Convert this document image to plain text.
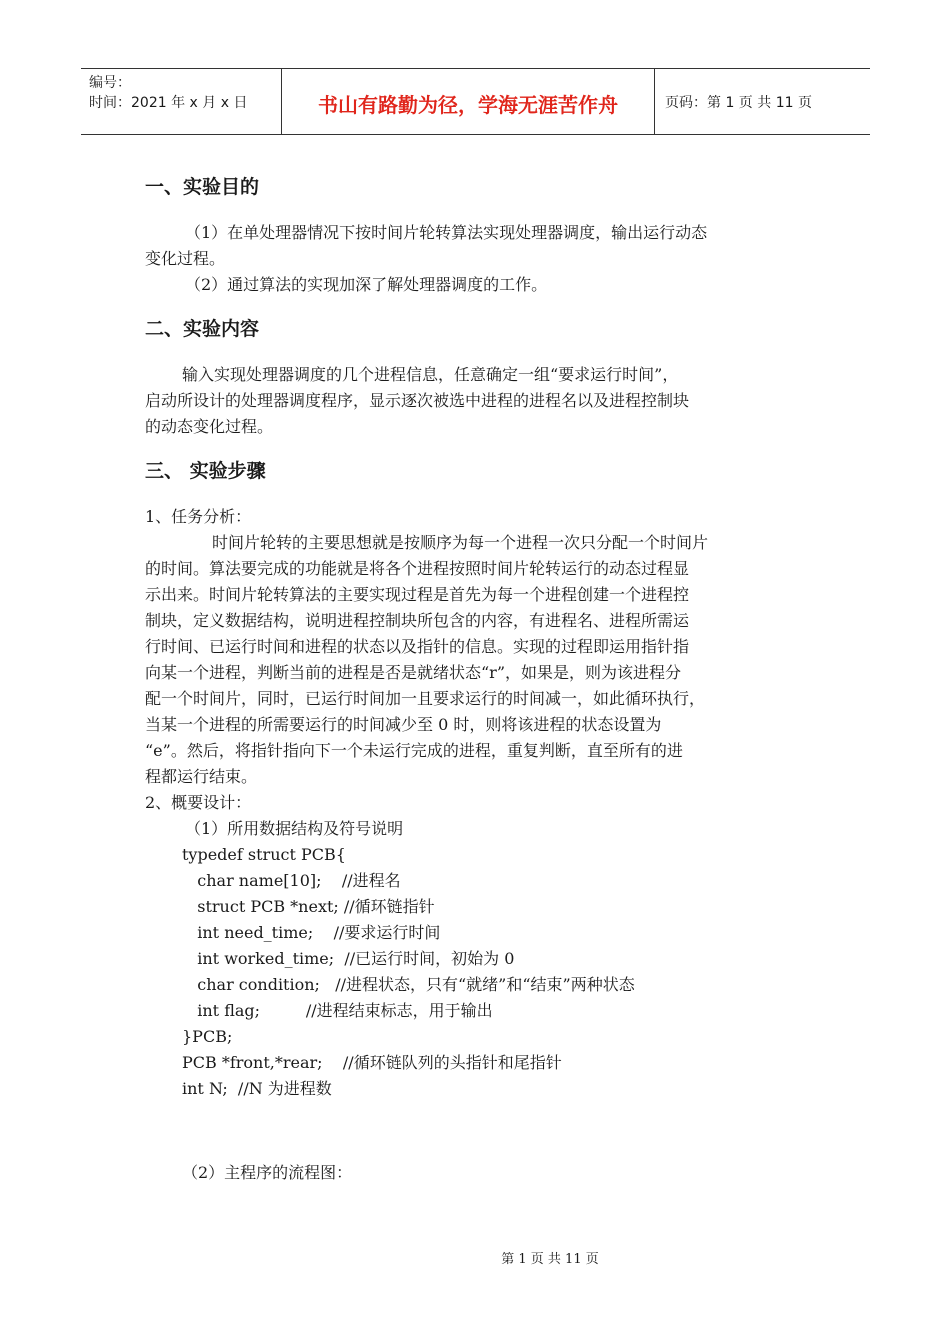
编号：
时间：2021 年 x 月 x 日	书山有路勤为径，学海无涯苦作舟	页码：第 1 页 共 11 页
一、实验目的
（1）在单处理器情况下按时间片轮转算法实现处理器调度，输出运行动态
变化过程。
（2）通过算法的实现加深了解处理器调度的工作。
二、实验内容
输入实现处理器调度的几个进程信息，任意确定一组“要求运行时间”，
启动所设计的处理器调度程序，显示逐次被选中进程的进程名以及进程控制块
的动态变化过程。
三、 实验步骤
1、任务分析：
时间片轮转的主要思想就是按顺序为每一个进程一次只分配一个时间片
的时间。算法要完成的功能就是将各个进程按照时间片轮转运行的动态过程显
示出来。时间片轮转算法的主要实现过程是首先为每一个进程创建一个进程控
制块，定义数据结构，说明进程控制块所包含的内容，有进程名、进程所需运
行时间、已运行时间和进程的状态以及指针的信息。实现的过程即运用指针指
向某一个进程，判断当前的进程是否是就绪状态“r”，如果是，则为该进程分
配一个时间片，同时，已运行时间加一且要求运行的时间减一，如此循环执行，
当某一个进程的所需要运行的时间减少至 0 时，则将该进程的状态设置为
“e”。然后，将指针指向下一个未运行完成的进程，重复判断，直至所有的进
程都运行结束。
2、概要设计：
（1）所用数据结构及符号说明
typedef struct PCB{
char name[10];    //进程名
struct PCB *next; //循环链指针
int need_time;    //要求运行时间
int worked_time;  //已运行时间，初始为 0
char condition;   //进程状态，只有“就绪”和“结束”两种状态
int flag;         //进程结束标志，用于输出
}PCB;
PCB *front,*rear;    //循环链队列的头指针和尾指针
int N;  //N 为进程数
（2）主程序的流程图：
第 1 页 共 11 页
